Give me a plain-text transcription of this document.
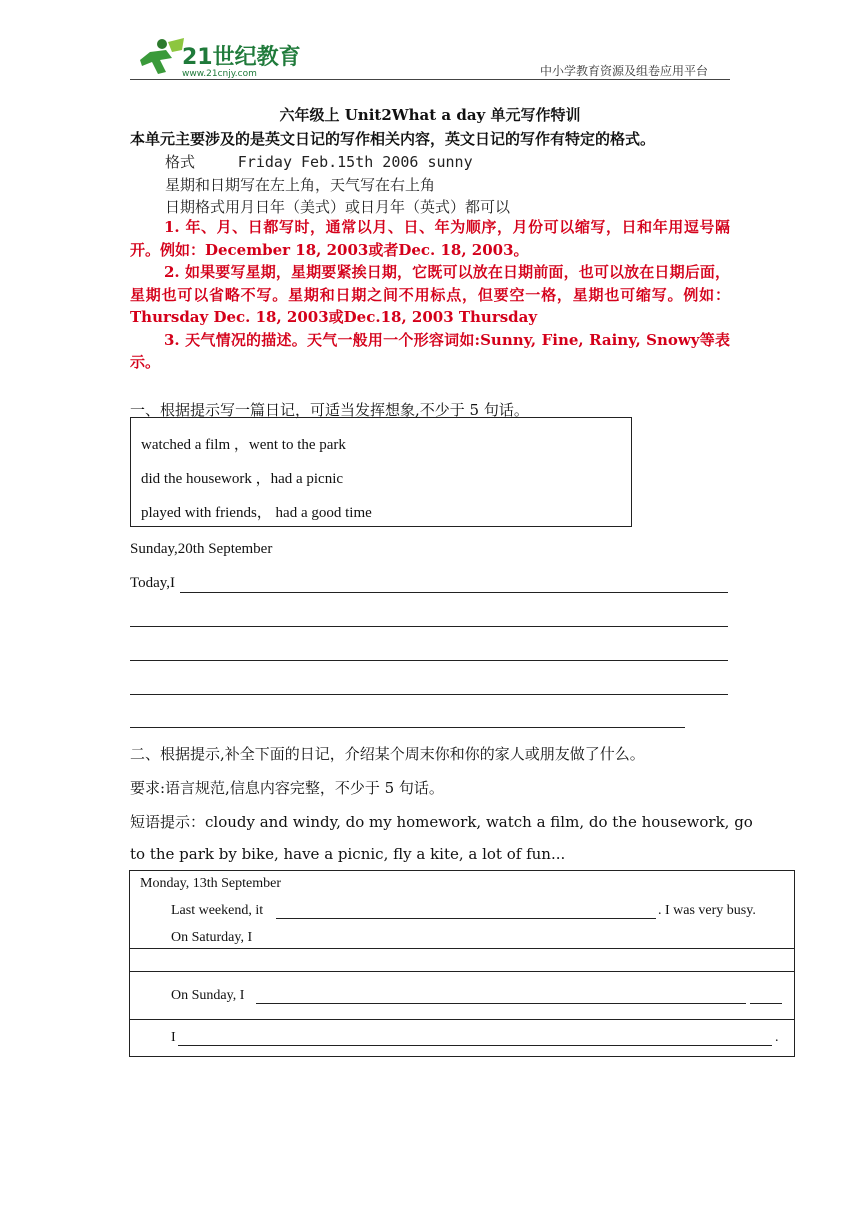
21世纪教育
www.21cnjy.com	中小学教育资源及组卷应用平台
六年级上 Unit2What a day 单元写作特训
本单元主要涉及的是英文日记的写作相关内容，英文日记的写作有特定的格式。
格式	Friday Feb.15th 2006 sunny
星期和日期写在左上角，天气写在右上角
日期格式用月日年（美式）或日月年（英式）都可以

1. 年、月、日都写时，通常以月、日、年为顺序，月份可以缩写，日和年用逗号隔开。例如：December 18, 2003或者Dec. 18, 2003。

2. 如果要写星期，星期要紧挨日期，它既可以放在日期前面，也可以放在日期后面，星期也可以省略不写。星期和日期之间不用标点，但要空一格，星期也可缩写。例如：Thursday Dec. 18, 2003或Dec.18, 2003 Thursday

3. 天气情况的描述。天气一般用一个形容词如:Sunny, Fine, Rainy, Snowy等表示。

一、根据提示写一篇日记，可适当发挥想象,不少于 5 句话。
watched a film ，went to the park
did the housework ，had a picnic
played with friends， had a good time
Sunday,20th September
Today,I
二、根据提示,补全下面的日记，介绍某个周末你和你的家人或朋友做了什么。
要求:语言规范,信息内容完整，不少于 5 句话。
短语提示：cloudy and windy, do my homework, watch a film, do the housework, go
to the park by bike, have a picnic, fly a kite, a lot of fun...
Monday, 13th September
Last weekend, it	. I was very busy.
On Saturday, I
On Sunday, I
I	.
